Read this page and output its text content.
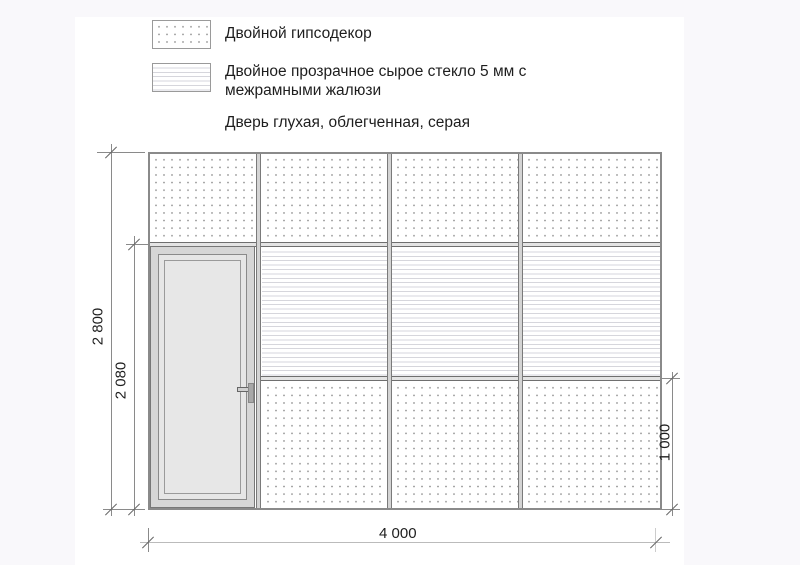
Двойной гипсодекор
Двойное прозрачное сырое стекло 5 мм с
межрамными жалюзи
Дверь глухая, облегченная, серая
2 800
2 080
1 000
4 000
